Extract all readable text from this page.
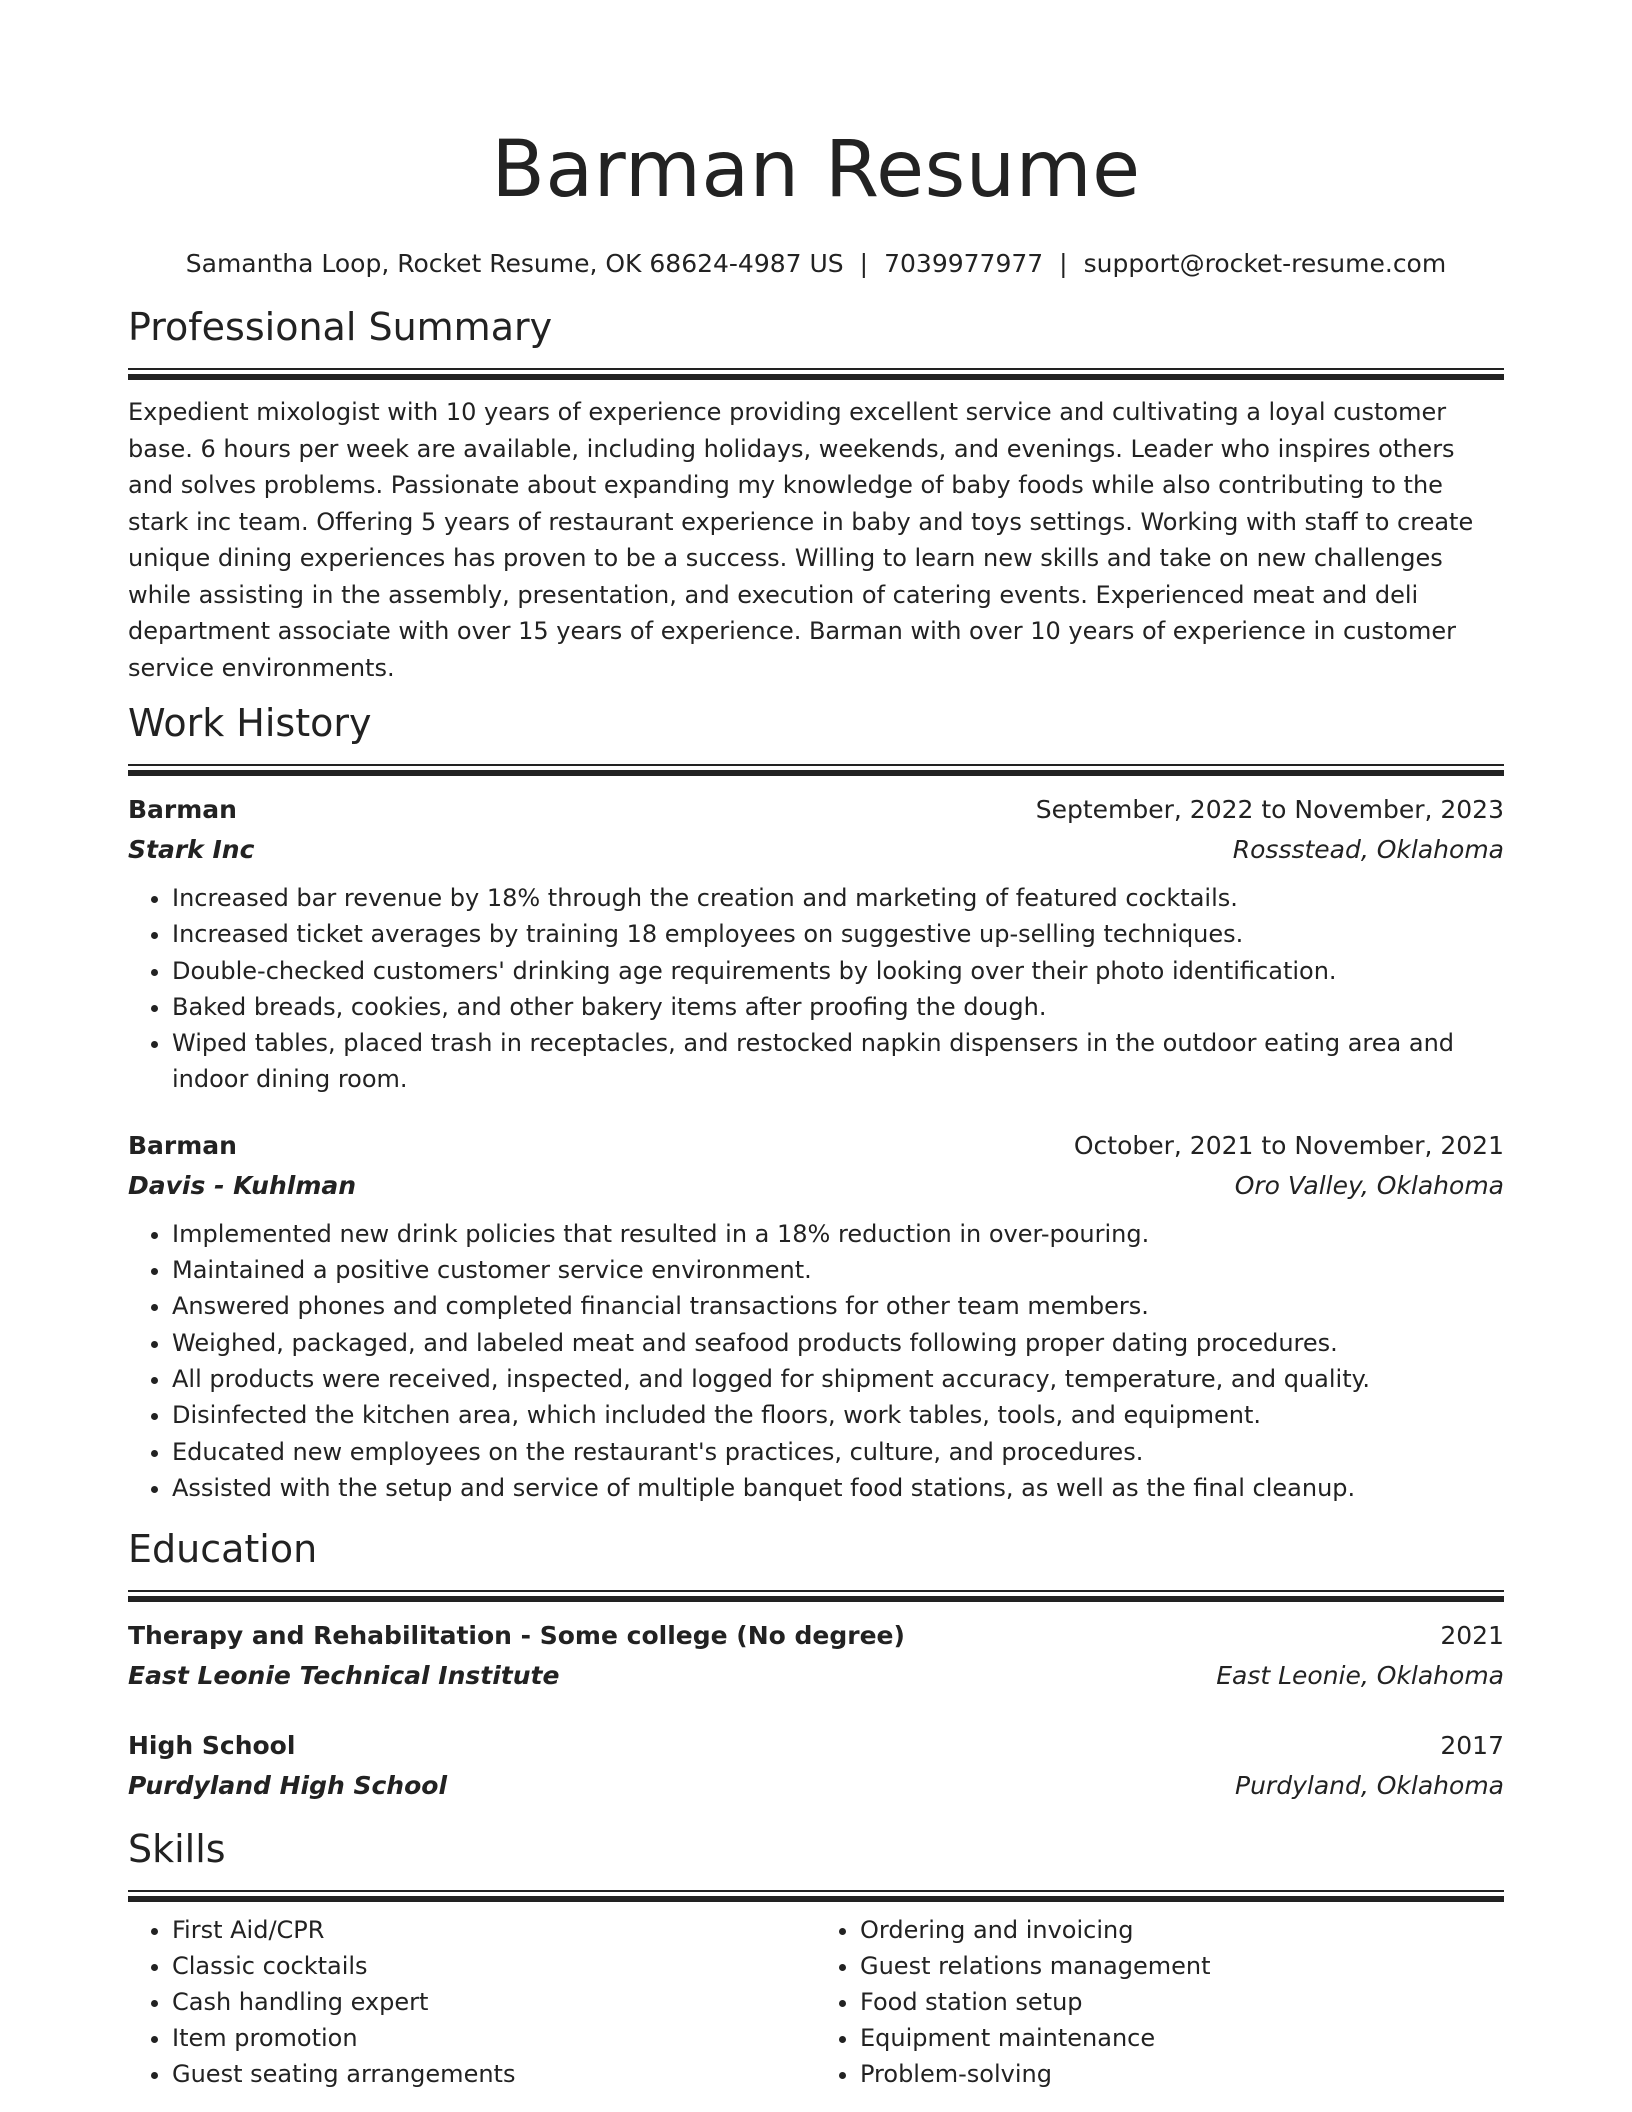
Barman Resume
Samantha Loop, Rocket Resume, OK 68624-4987 US | 7039977977 | support@rocket-resume.com
Professional Summary
Expedient mixologist with 10 years of experience providing excellent service and cultivating a loyal customer base. 6 hours per week are available, including holidays, weekends, and evenings. Leader who inspires others and solves problems. Passionate about expanding my knowledge of baby foods while also contributing to the stark inc team. Offering 5 years of restaurant experience in baby and toys settings. Working with staff to create unique dining experiences has proven to be a success. Willing to learn new skills and take on new challenges while assisting in the assembly, presentation, and execution of catering events. Experienced meat and deli department associate with over 15 years of experience. Barman with over 10 years of experience in customer service environments.
Work History
Barman	September, 2022 to November, 2023
Stark Inc	Rossstead, Oklahoma
• Increased bar revenue by 18% through the creation and marketing of featured cocktails.
• Increased ticket averages by training 18 employees on suggestive up-selling techniques.
• Double-checked customers' drinking age requirements by looking over their photo identification.
• Baked breads, cookies, and other bakery items after proofing the dough.
• Wiped tables, placed trash in receptacles, and restocked napkin dispensers in the outdoor eating area and indoor dining room.
Barman	October, 2021 to November, 2021
Davis - Kuhlman	Oro Valley, Oklahoma
• Implemented new drink policies that resulted in a 18% reduction in over-pouring.
• Maintained a positive customer service environment.
• Answered phones and completed financial transactions for other team members.
• Weighed, packaged, and labeled meat and seafood products following proper dating procedures.
• All products were received, inspected, and logged for shipment accuracy, temperature, and quality.
• Disinfected the kitchen area, which included the floors, work tables, tools, and equipment.
• Educated new employees on the restaurant's practices, culture, and procedures.
• Assisted with the setup and service of multiple banquet food stations, as well as the final cleanup.
Education
Therapy and Rehabilitation - Some college (No degree)	2021
East Leonie Technical Institute	East Leonie, Oklahoma
High School	2017
Purdyland High School	Purdyland, Oklahoma
Skills
• First Aid/CPR
• Classic cocktails
• Cash handling expert
• Item promotion
• Guest seating arrangements
• Ordering and invoicing
• Guest relations management
• Food station setup
• Equipment maintenance
• Problem-solving
